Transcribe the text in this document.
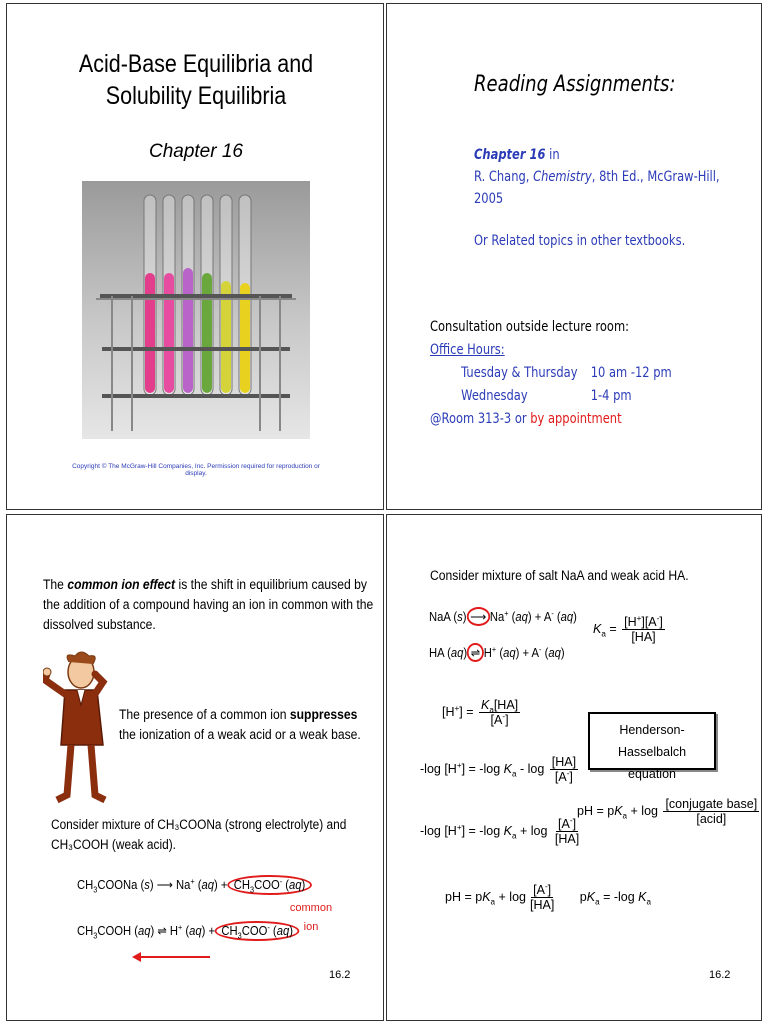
Acid-Base Equilibria and
Solubility Equilibria
Chapter 16
Copyright © The McGraw-Hill Companies, Inc. Permission required for reproduction or display.
Reading Assignments:
Chapter 16 in
R. Chang, Chemistry, 8th Ed., McGraw-Hill,
2005
Or Related topics in other textbooks.
Consultation outside lecture room:
Office Hours:
Tuesday & Thursday 10 am -12 pm
Wednesday	1-4 pm
@Room 313-3 or by appointment
The common ion effect is the shift in equilibrium caused by the addition of a compound having an ion in common with the dissolved substance.
The presence of a common ion suppresses the ionization of a weak acid or a weak base.
Consider mixture of CH₃COONa (strong electrolyte) and
CH₃COOH (weak acid).
$CH_3COONa$ (s) ⟶ Na+ $(aq) + CH_3COO^-$ (aq)
$CH_3COOH$ (aq) ⇌ H+ $(aq) + CH_3COO^-$ (aq)
common
ion
16.2
Consider mixture of salt NaA and weak acid HA.
NaA (s) ⟶ Na+ (aq) + A- (aq)
HA (aq) ⇌ H+ (aq) + A- (aq)
$K_a = \frac{[H^+][A^-]}{[HA]}$
$[H^+] = \frac{K_a[HA]}{[A^-]}$
Henderson-Hasselbalch
equation
-log [H+] = -log $K_a$ - $\log \frac{[HA]}{[A^-]}$
pH = $pK_a + \log \frac{\text{[conjugate base]}}{\text{[acid]}}$
-log [H+] = -log $K_a + \log \frac{[A^-]}{[HA]}$
pH = $pK_a + \log \frac{[A^-]}{[HA]} pK_a = -\log$ $K_a$
16.2
